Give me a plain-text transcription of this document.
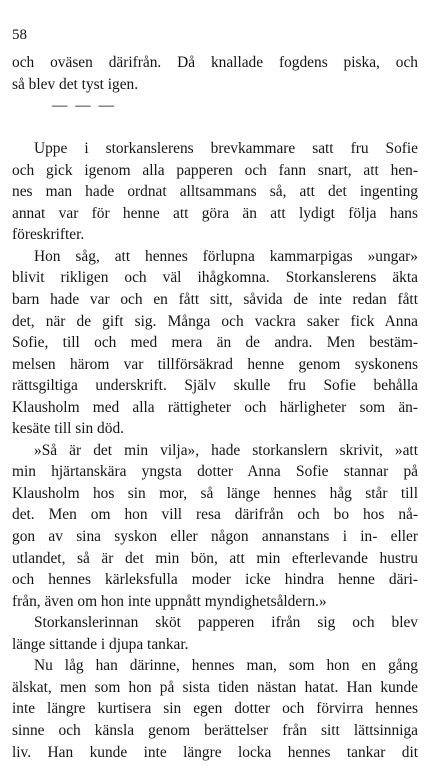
58
och oväsen därifrån. Då knallade fogdens piska, och
så blev det tyst igen.
— — —
Uppe i storkanslerens brevkammare satt fru Sofie
och gick igenom alla papperen och fann snart, att hen-
nes man hade ordnat alltsammans så, att det ingenting
annat var för henne att göra än att lydigt följa hans
föreskrifter.
Hon såg, att hennes förlupna kammarpigas »ungar»
blivit rikligen och väl ihågkomna. Storkanslerens äkta
barn hade var och en fått sitt, såvida de inte redan fått
det, när de gift sig. Många och vackra saker fick Anna
Sofie, till och med mera än de andra. Men bestäm-
melsen härom var tillförsäkrad henne genom syskonens
rättsgiltiga underskrift. Själv skulle fru Sofie behålla
Klausholm med alla rättigheter och härligheter som än-
kesäte till sin död.
»Så är det min vilja», hade storkanslern skrivit, »att
min hjärtanskära yngsta dotter Anna Sofie stannar på
Klausholm hos sin mor, så länge hennes håg står till
det. Men om hon vill resa därifrån och bo hos nå-
gon av sina syskon eller någon annanstans i in- eller
utlandet, så är det min bön, att min efterlevande hustru
och hennes kärleksfulla moder icke hindra henne däri-
från, även om hon inte uppnått myndighetsåldern.»
Storkanslerinnan sköt papperen ifrån sig och blev
länge sittande i djupa tankar.
Nu låg han därinne, hennes man, som hon en gång
älskat, men som hon på sista tiden nästan hatat. Han kunde
inte längre kurtisera sin egen dotter och förvirra hennes
sinne och känsla genom berättelser från sitt lättsinniga
liv. Han kunde inte längre locka hennes tankar dit
